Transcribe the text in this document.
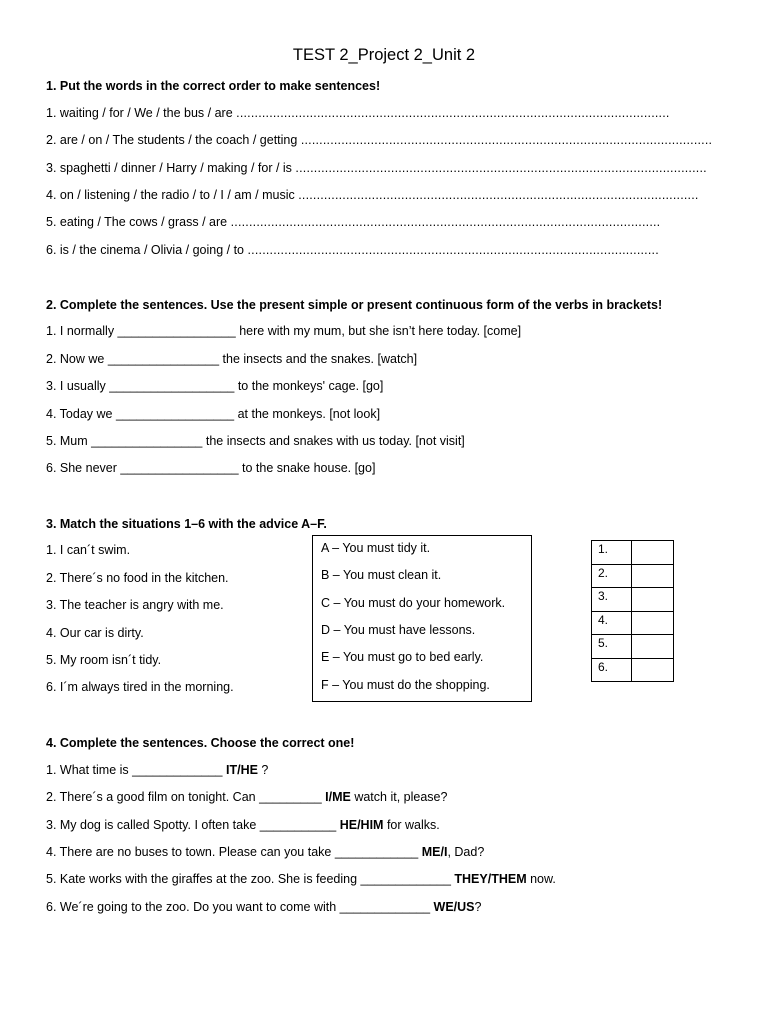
TEST 2_Project 2_Unit 2
1. Put the words in the correct order to make sentences!
1. waiting / for / We / the bus / are ......................................................................................................................
2. are / on / The students / the coach / getting ................................................................................................................
3. spaghetti / dinner / Harry / making / for / is ................................................................................................................
4. on / listening / the radio / to / I / am / music .............................................................................................................
5. eating / The cows / grass / are .....................................................................................................................
6. is / the cinema / Olivia / going / to ................................................................................................................
2. Complete the sentences. Use the present simple or present continuous form of the verbs in brackets!
1. I normally _________________ here with my mum, but she isn’t here today. [come]
2. Now we ________________ the insects and the snakes. [watch]
3. I usually __________________ to the monkeys' cage. [go]
4. Today we _________________ at the monkeys. [not look]
5. Mum ________________ the insects and snakes with us today. [not visit]
6. She never _________________ to the snake house. [go]
3. Match the situations 1–6 with the advice A–F.
1. I can´t swim.
2. There´s no food in the kitchen.
3. The teacher is angry with me.
4. Our car is dirty.
5. My room isn´t tidy.
6. I´m always tired in the morning.
A – You must tidy it.
B – You must clean it.
C – You must do your homework.
D – You must have lessons.
E – You must go to bed early.
F – You must do the shopping.
1.	
2.	
3.	
4.	
5.	
6.	
4. Complete the sentences. Choose the correct one!
1. What time is _____________ IT/HE ?
2. There´s a good film on tonight. Can _________ I/ME watch it, please?
3. My dog is called Spotty. I often take ___________ HE/HIM for walks.
4. There are no buses to town. Please can you take ____________ ME/I, Dad?
5. Kate works with the giraffes at the zoo. She is feeding _____________ THEY/THEM now.
6. We´re going to the zoo. Do you want to come with _____________ WE/US?
